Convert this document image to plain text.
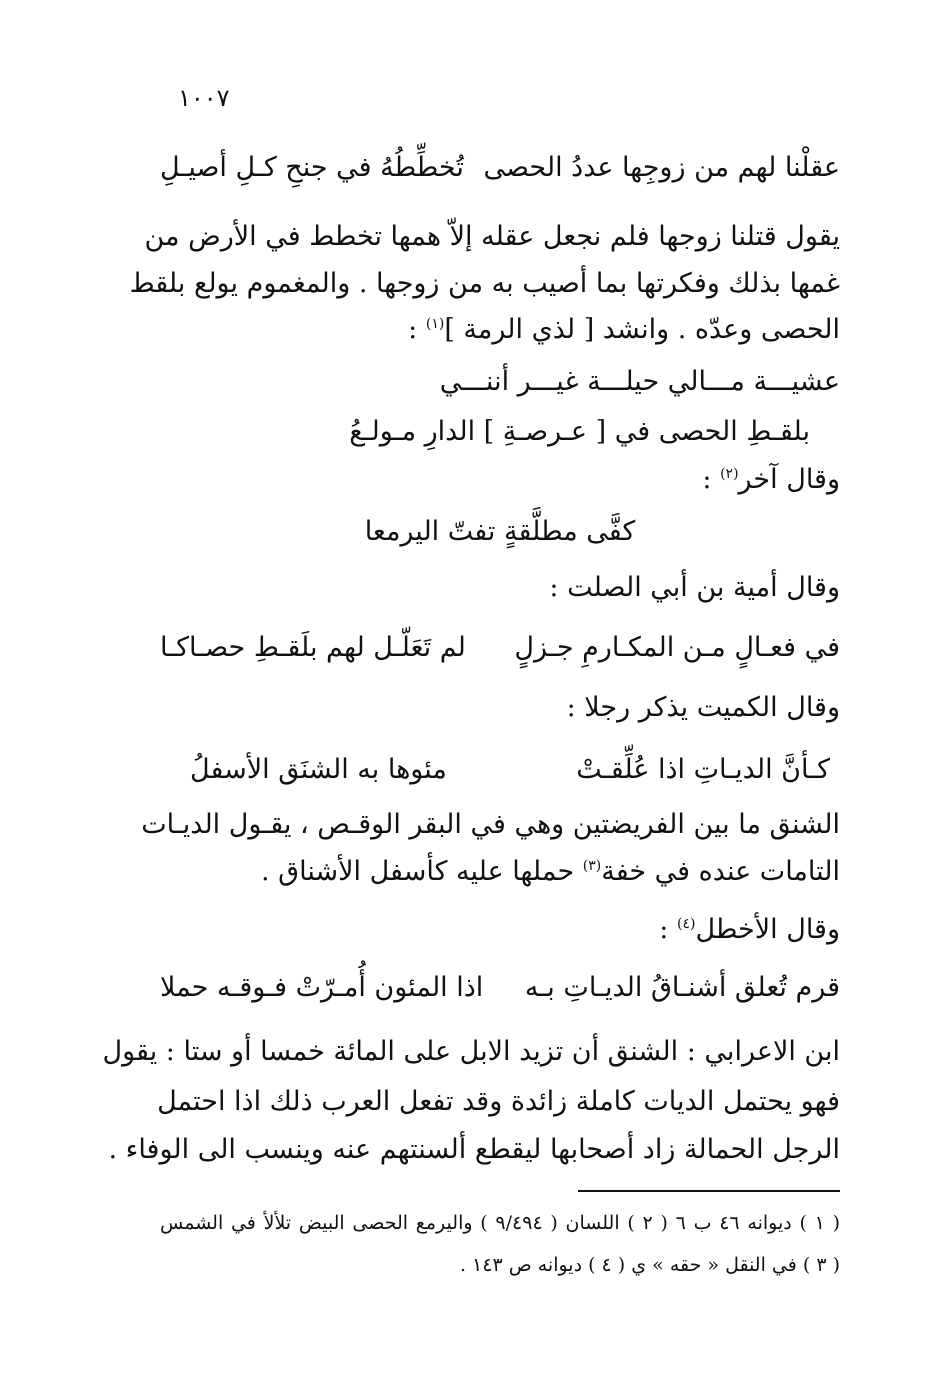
١٠٠٧
عقلْنا لهم من زوجِها عددُ الحصى
تُخطِّطُهُ في جنحِ كـلِ أصيـلِ
يقول قتلنا زوجها فلم نجعل عقله إلاّ همها تخطط في الأرض من
غمها بذلك وفكرتها بما أصيب به من زوجها . والمغموم يولع بلقط
الحصى وعدّه . وانشد [ لذي الرمة ]$^{(١)}$ :
عشيـــة مـــالي حيلـــة غيـــر أننـــي
بلقـطِ الحصى في [ عـرصـةِ ] الدارِ مـولـعُ
وقال آخر$^{(٢)}$ :
كفَّى مطلَّقةٍ تفتّ اليرمعا
وقال أمية بن أبي الصلت :
في فعـالٍ مـن المكـارمِ جـزلٍ
لم تَعَلّـل لهم بلَقـطِ حصـاكـا
وقال الكميت يذكر رجلا :
كـأنَّ الديـاتِ اذا عُلِّقـتْ
مئوها به الشنَق الأسفلُ
الشنق ما بين الفريضتين وهي في البقر الوقـص ، يقـول الديـات
التامات عنده في خفة$^{(٣)}$ حملها عليه كأسفل الأشناق .
وقال الأخطل$^{(٤)}$ :
قرم تُعلق أشنـاقُ الديـاتِ بـه
اذا المئون أُمـرّتْ فـوقـه حملا
ابن الاعرابي : الشنق أن تزيد الابل على المائة خمسا أو ستا : يقول
فهو يحتمل الديات كاملة زائدة وقد تفعل العرب ذلك اذا احتمل
الرجل الحمالة زاد أصحابها ليقطع ألسنتهم عنه وينسب الى الوفاء .
( ١ ) ديوانه ٤٦ ب ٦ ( ٢ ) اللسان ( ٩/٤٩٤ ) واليرمع الحصى البيض تلألأ في الشمس
( ٣ ) في النقل « حقه » ي ( ٤ ) ديوانه ص ١٤٣ .
